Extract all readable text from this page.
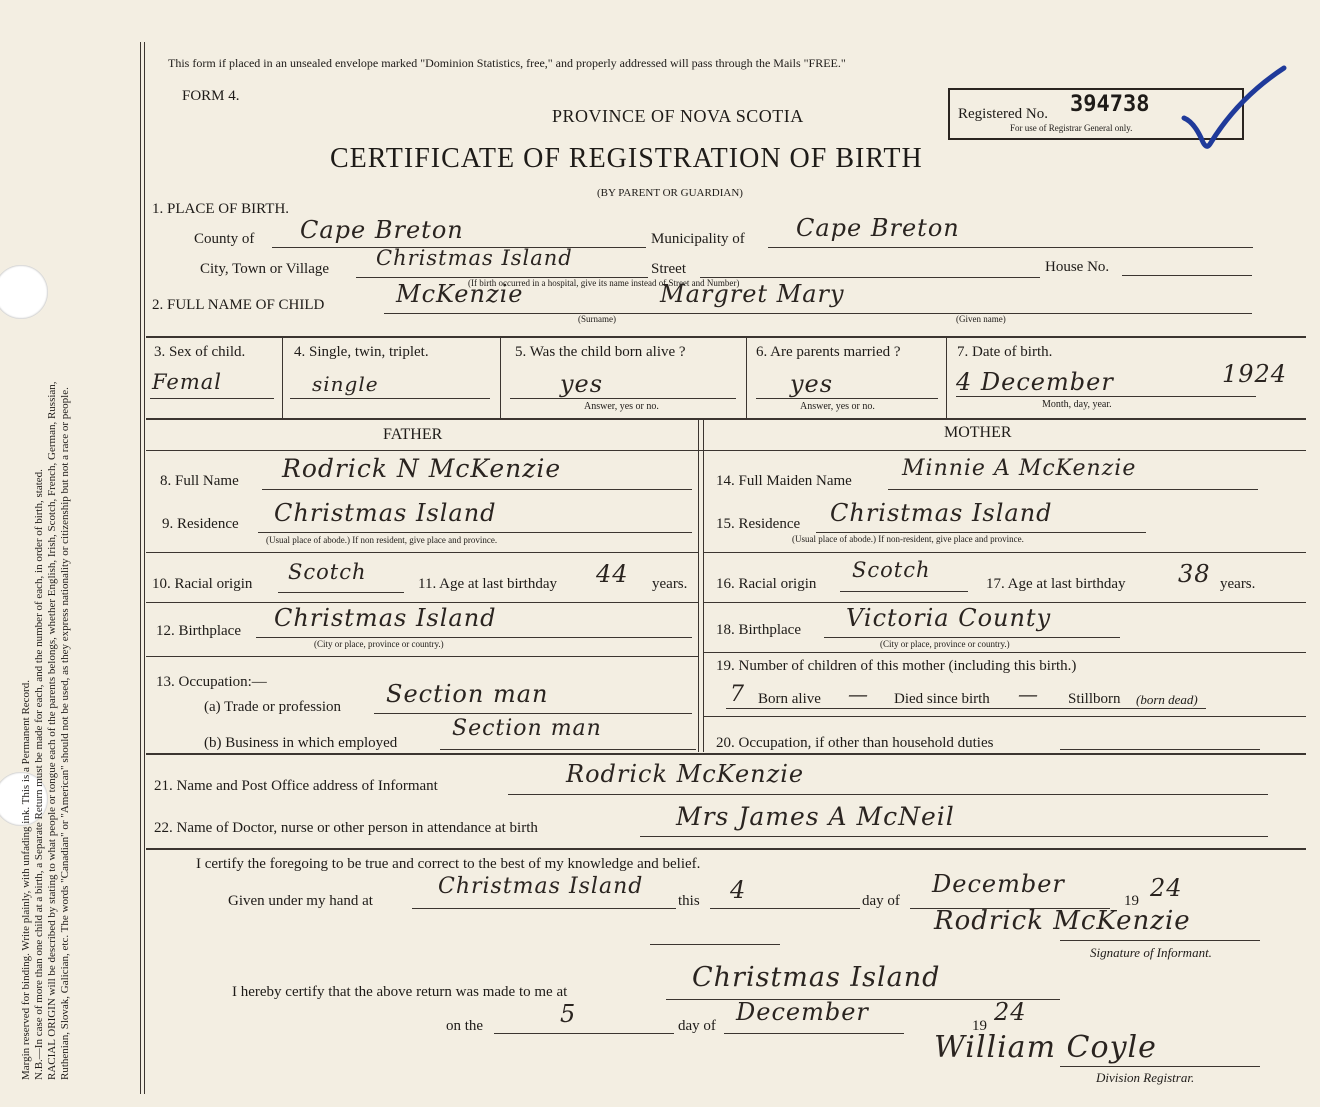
Margin reserved for binding. Write plainly, with unfading ink. This is a Permanent Record. N.B.—In case of more than one child at a birth, a Separate Return must be made for each, and the number of each, in order of birth, stated. RACIAL ORIGIN will be described by stating to what people or tongue each of the parents belongs, whether English, Irish, Scotch, French, German, Russian, Ruthenian, Slovak, Galician, etc. The words "Canadian" or "American" should not be used, as they express nationality or citizenship but not a race or people.
This form if placed in an unsealed envelope marked "Dominion Statistics, free," and properly addressed will pass through the Mails "FREE."
FORM 4.
PROVINCE OF NOVA SCOTIA
CERTIFICATE OF REGISTRATION OF BIRTH
(BY PARENT OR GUARDIAN)
Registered No. 394738
For use of Registrar General only.
1. PLACE OF BIRTH.
County of Cape Breton	Municipality of Cape Breton
City, Town or Village Christmas Island	Street
(If birth occurred in a hospital, give its name instead of Street and Number)
House No.
2. FULL NAME OF CHILD	McKenzie	Margret Mary
(Surname)	(Given name)
3. Sex of child.
Femal
4. Single, twin, triplet.
single
5. Was the child born alive ?
yes
Answer, yes or no.
6. Are parents married ?
yes
Answer, yes or no.
7. Date of birth.
4 December	1924
Month, day, year.
FATHER	MOTHER
8. Full Name Rodrick N McKenzie
9. Residence Christmas Island
(Usual place of abode.) If non resident, give place and province.
10. Racial origin Scotch	11. Age at last birthday 44 years.
12. Birthplace Christmas Island
(City or place, province or country.)
13. Occupation:—
(a) Trade or profession Section man
(b) Business in which employed
Section man
14. Full Maiden Name Minnie A McKenzie
15. Residence Christmas Island
(Usual place of abode.) If non-resident, give place and province.
16. Racial origin
Scotch
17. Age at last birthday 38 years.
18. Birthplace Victoria County
(City or place, province or country.)
19. Number of children of this mother (including this birth.)
7 Born alive — Died since birth — Stillborn (born dead)
20. Occupation, if other than household duties
21. Name and Post Office address of Informant	Rodrick McKenzie
22. Name of Doctor, nurse or other person in attendance at birth	Mrs James A McNeil
I certify the foregoing to be true and correct to the best of my knowledge and belief.
Given under my hand at
Christmas Island
this 4	day of
December
19 24
Rodrick McKenzie
Signature of Informant.
I hereby certify that the above return was made to me at	Christmas Island
on the	5	day of December	19 24
William Coyle
Division Registrar.
